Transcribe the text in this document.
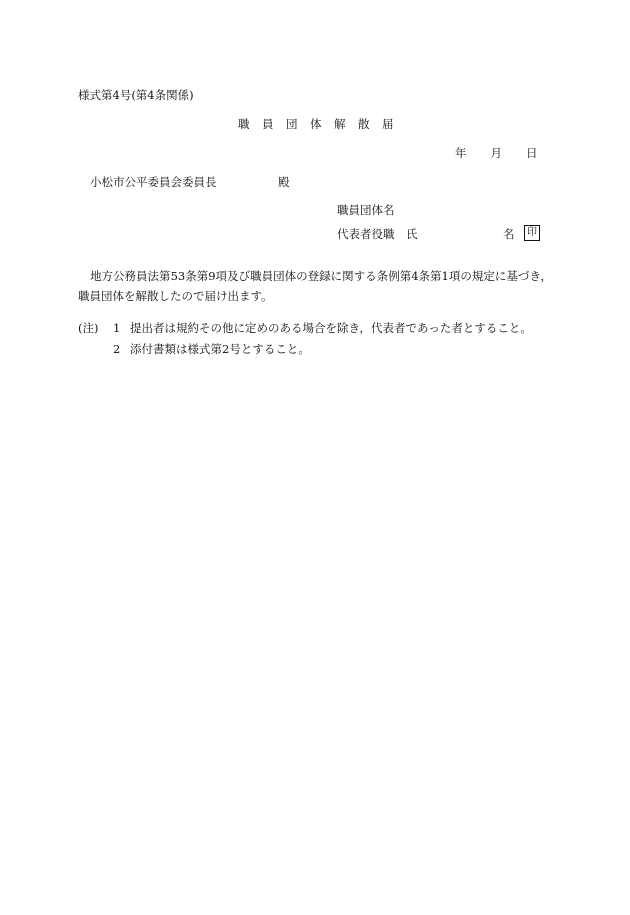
様式第4号(第4条関係)
職　員　団　体　解　散　届
年 月 日
小松市公平委員会委員長	殿
職員団体名
代表者役職　氏	名	印
地方公務員法第53条第9項及び職員団体の登録に関する条例第4条第1項の規定に基づき，職員団体を解散したので届け出ます。
(注) 1 提出者は規約その他に定めのある場合を除き，代表者であった者とすること。
2 添付書類は様式第2号とすること。
